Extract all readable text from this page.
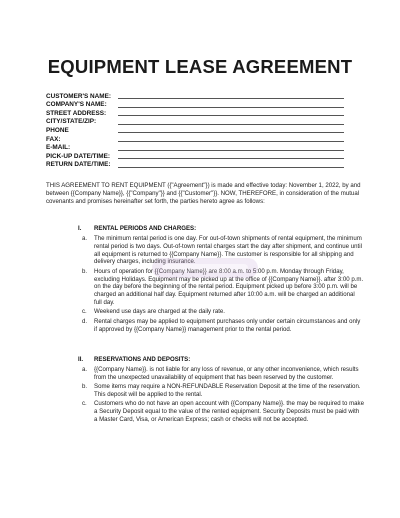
EQUIPMENT LEASE AGREEMENT
CUSTOMER'S NAME:
COMPANY'S NAME:
STREET ADDRESS:
CITY/STATE/ZIP:
PHONE
FAX:
E-MAIL:
PICK-UP DATE/TIME:
RETURN DATE/TIME:
THIS AGREEMENT TO RENT EQUIPMENT ({"Agreement"}) is made and effective today: November 1, 2022, by and between {{Company Name}}, {{"Company"}} and {{"Customer"}}. NOW, THEREFORE, in consideration of the mutual covenants and promises hereinafter set forth, the parties hereto agree as follows:
I.	RENTAL PERIODS AND CHARGES:
a. The minimum rental period is one day. For out-of-town shipments of rental equipment, the minimum rental period is two days. Out-of-town rental charges start the day after shipment, and continue until all equipment is returned to {{Company Name}}. The customer is responsible for all shipping and delivery charges, including insurance.
b. Hours of operation for {{Company Name}} are 8:00 a.m. to 5:00 p.m. Monday through Friday, excluding Holidays. Equipment may be picked up at the office of {{Company Name}}. after 3:00 p.m. on the day before the beginning of the rental period. Equipment picked up before 3:00 p.m. will be charged an additional half day. Equipment returned after 10:00 a.m. will be charged an additional full day.
c. Weekend use days are charged at the daily rate.
d. Rental charges may be applied to equipment purchases only under certain circumstances and only if approved by {{Company Name}} management prior to the rental period.
II.	RESERVATIONS AND DEPOSITS:
a. {{Company Name}}. is not liable for any loss of revenue, or any other inconvenience, which results from the unexpected unavailability of equipment that has been reserved by the customer.
b. Some items may require a NON-REFUNDABLE Reservation Deposit at the time of the reservation. This deposit will be applied to the rental.
c. Customers who do not have an open account with {{Company Name}}. the may be required to make a Security Deposit equal to the value of the rented equipment. Security Deposits must be paid with a Master Card, Visa, or American Express; cash or checks will not be accepted.
